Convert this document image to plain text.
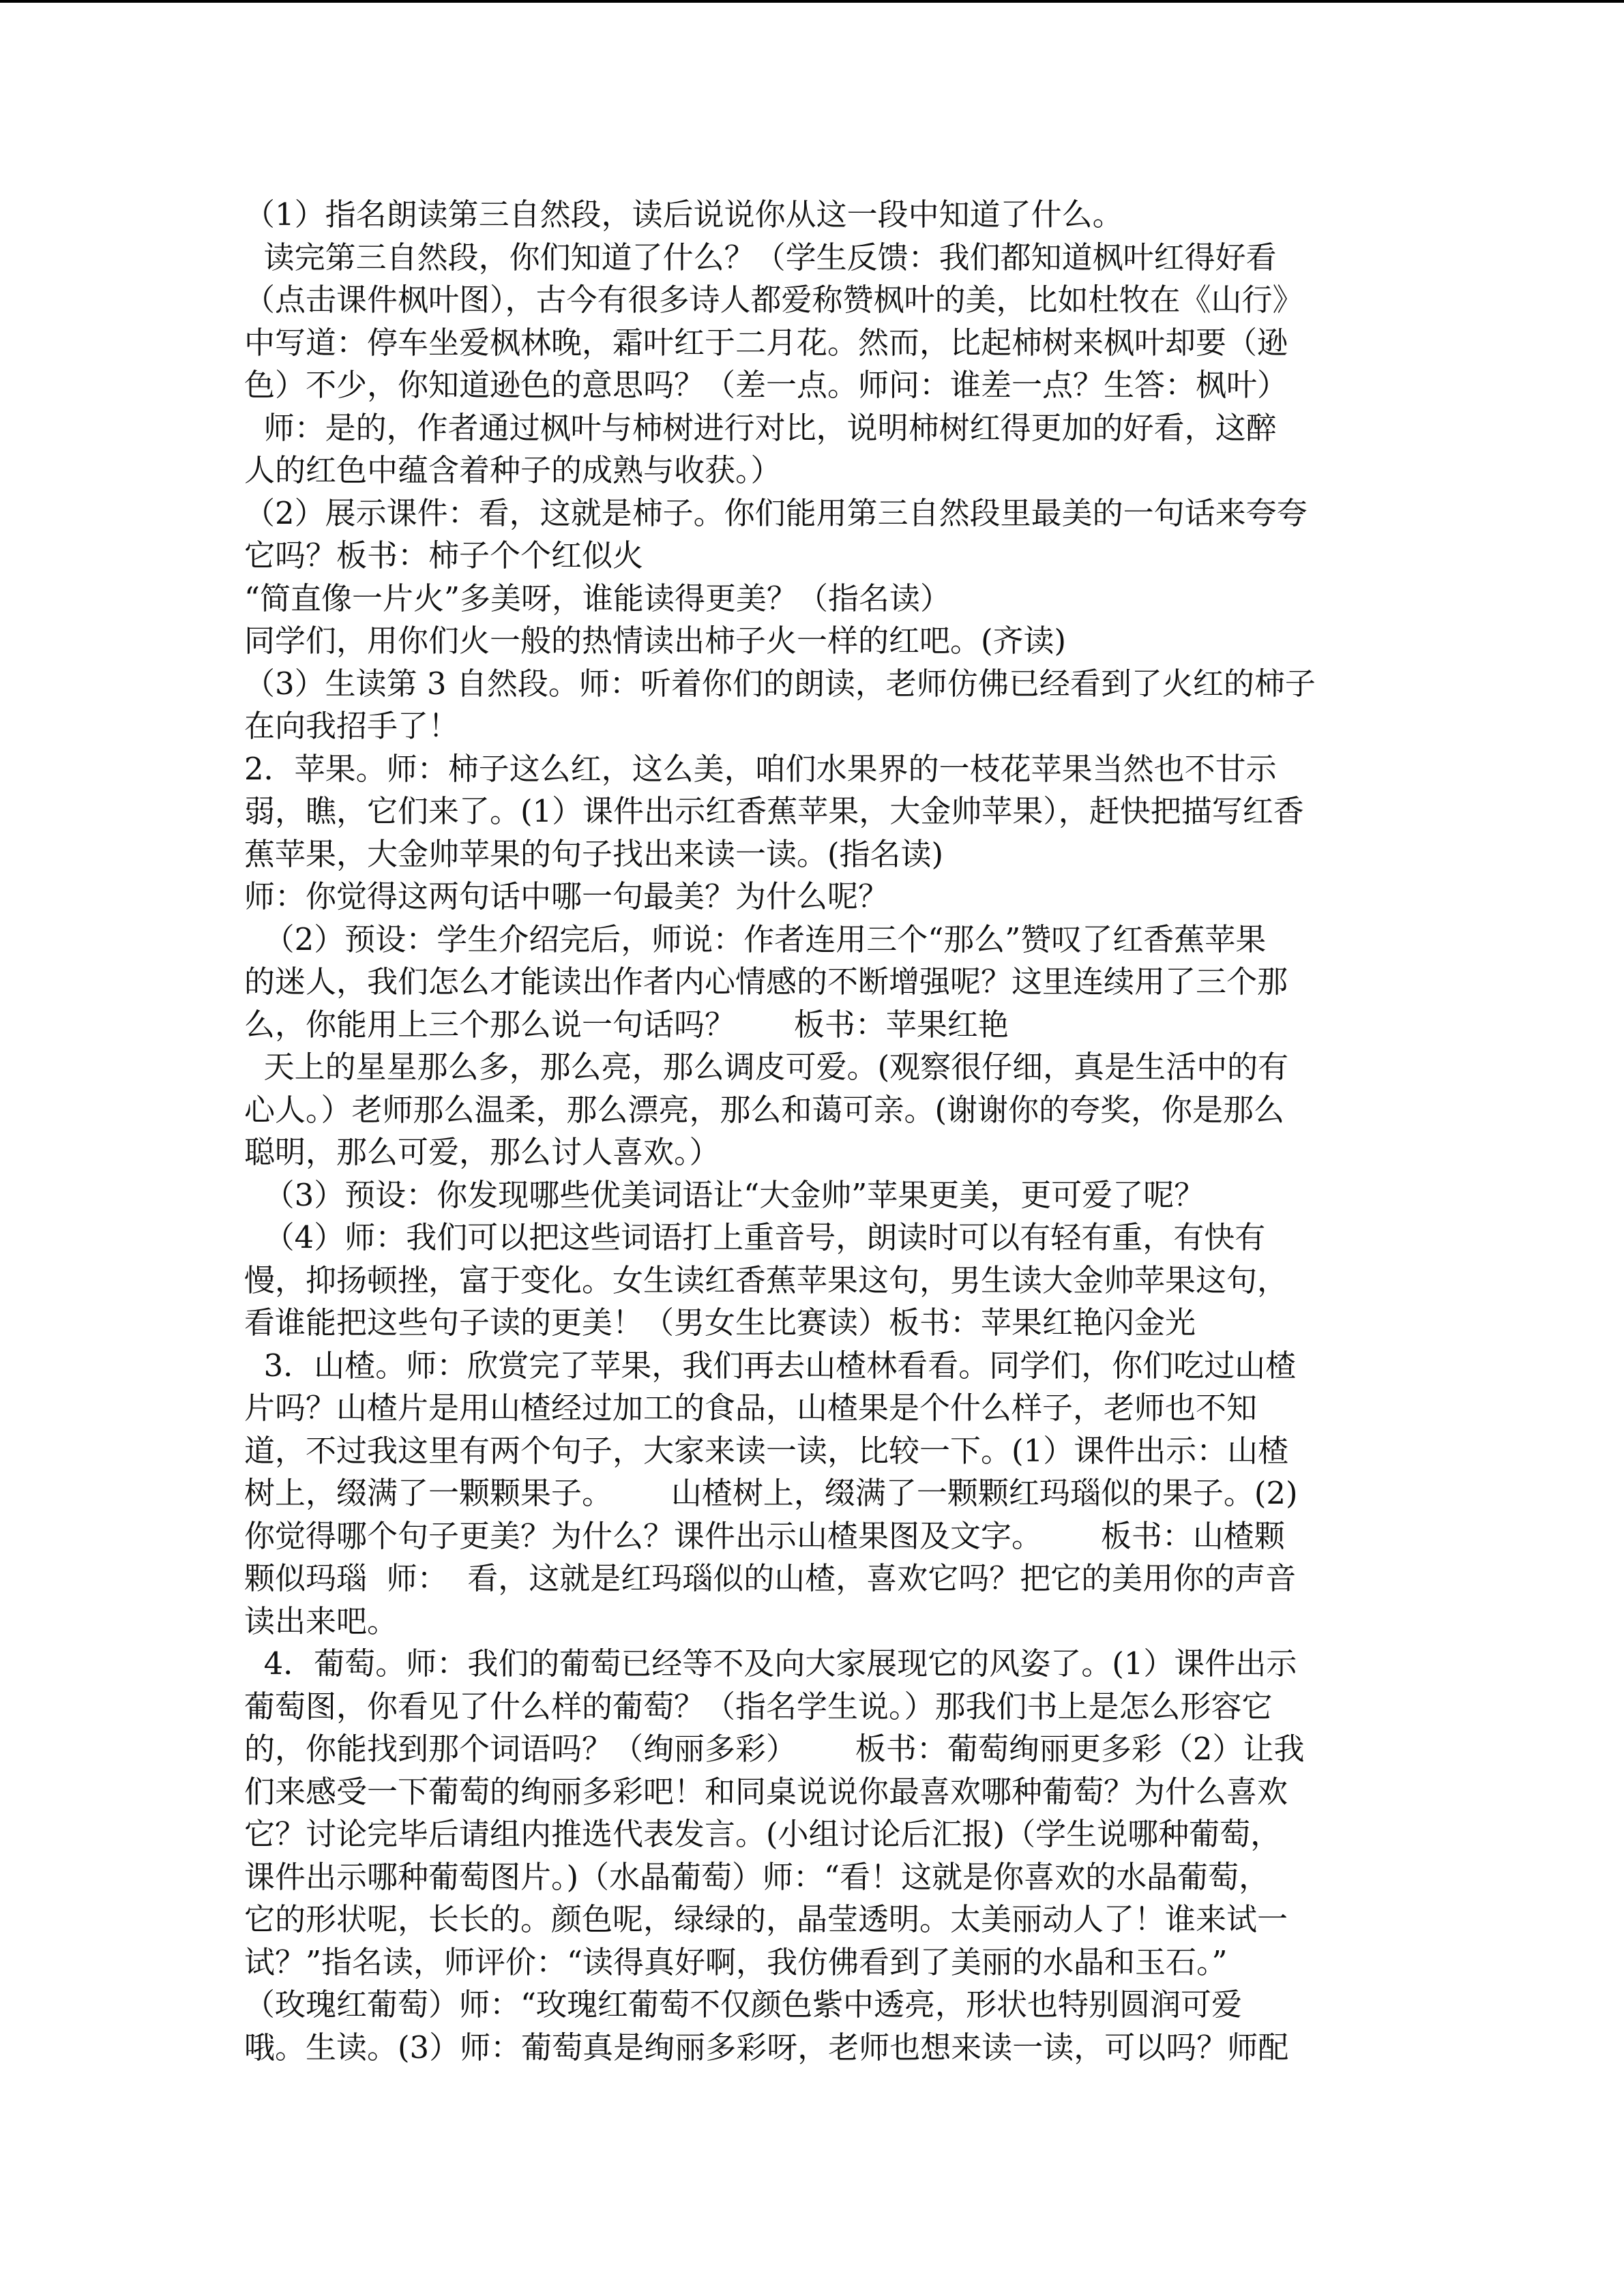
（1）指名朗读第三自然段，读后说说你从这一段中知道了什么。
读完第三自然段，你们知道了什么？（学生反馈：我们都知道枫叶红得好看
（点击课件枫叶图），古今有很多诗人都爱称赞枫叶的美，比如杜牧在《山行》
中写道：停车坐爱枫林晚，霜叶红于二月花。然而，比起柿树来枫叶却要（逊
色）不少，你知道逊色的意思吗？（差一点。师问：谁差一点？生答：枫叶）
师：是的，作者通过枫叶与柿树进行对比，说明柿树红得更加的好看，这醉
人的红色中蕴含着种子的成熟与收获。）
（2）展示课件：看，这就是柿子。你们能用第三自然段里最美的一句话来夸夸
它吗？板书：柿子个个红似火
“简直像一片火”多美呀，谁能读得更美？（指名读）
同学们，用你们火一般的热情读出柿子火一样的红吧。(齐读)
（3）生读第 3 自然段。师：听着你们的朗读，老师仿佛已经看到了火红的柿子
在向我招手了！
2．苹果。师：柿子这么红，这么美，咱们水果界的一枝花苹果当然也不甘示
弱，瞧，它们来了。(1）课件出示红香蕉苹果，大金帅苹果），赶快把描写红香
蕉苹果，大金帅苹果的句子找出来读一读。(指名读)
师：你觉得这两句话中哪一句最美？为什么呢？
（2）预设：学生介绍完后，师说：作者连用三个“那么”赞叹了红香蕉苹果
的迷人，我们怎么才能读出作者内心情感的不断增强呢？这里连续用了三个那
么，你能用上三个那么说一句话吗？      板书：苹果红艳
天上的星星那么多，那么亮，那么调皮可爱。(观察很仔细，真是生活中的有
心人。）老师那么温柔，那么漂亮，那么和蔼可亲。(谢谢你的夸奖，你是那么
聪明，那么可爱，那么讨人喜欢。）
（3）预设：你发现哪些优美词语让“大金帅”苹果更美，更可爱了呢？
（4）师：我们可以把这些词语打上重音号，朗读时可以有轻有重，有快有
慢，抑扬顿挫，富于变化。女生读红香蕉苹果这句，男生读大金帅苹果这句，
看谁能把这些句子读的更美！（男女生比赛读）板书：苹果红艳闪金光
3．山楂。师：欣赏完了苹果，我们再去山楂林看看。同学们，你们吃过山楂
片吗？山楂片是用山楂经过加工的食品，山楂果是个什么样子，老师也不知
道，不过我这里有两个句子，大家来读一读，比较一下。(1）课件出示：山楂
树上，缀满了一颗颗果子。      山楂树上，缀满了一颗颗红玛瑙似的果子。(2)
你觉得哪个句子更美？为什么？课件出示山楂果图及文字。      板书：山楂颗
颗似玛瑙  师：  看，这就是红玛瑙似的山楂，喜欢它吗？把它的美用你的声音
读出来吧。
4．葡萄。师：我们的葡萄已经等不及向大家展现它的风姿了。(1）课件出示
葡萄图，你看见了什么样的葡萄？（指名学生说。）那我们书上是怎么形容它
的，你能找到那个词语吗？（绚丽多彩）      板书：葡萄绚丽更多彩（2）让我
们来感受一下葡萄的绚丽多彩吧！和同桌说说你最喜欢哪种葡萄？为什么喜欢
它？讨论完毕后请组内推选代表发言。(小组讨论后汇报)（学生说哪种葡萄，
课件出示哪种葡萄图片。)（水晶葡萄）师：“看！这就是你喜欢的水晶葡萄，
它的形状呢，长长的。颜色呢，绿绿的，晶莹透明。太美丽动人了！谁来试一
试？”指名读，师评价：“读得真好啊，我仿佛看到了美丽的水晶和玉石。”
（玫瑰红葡萄）师：“玫瑰红葡萄不仅颜色紫中透亮，形状也特别圆润可爱
哦。生读。(3）师：葡萄真是绚丽多彩呀，老师也想来读一读，可以吗？师配
